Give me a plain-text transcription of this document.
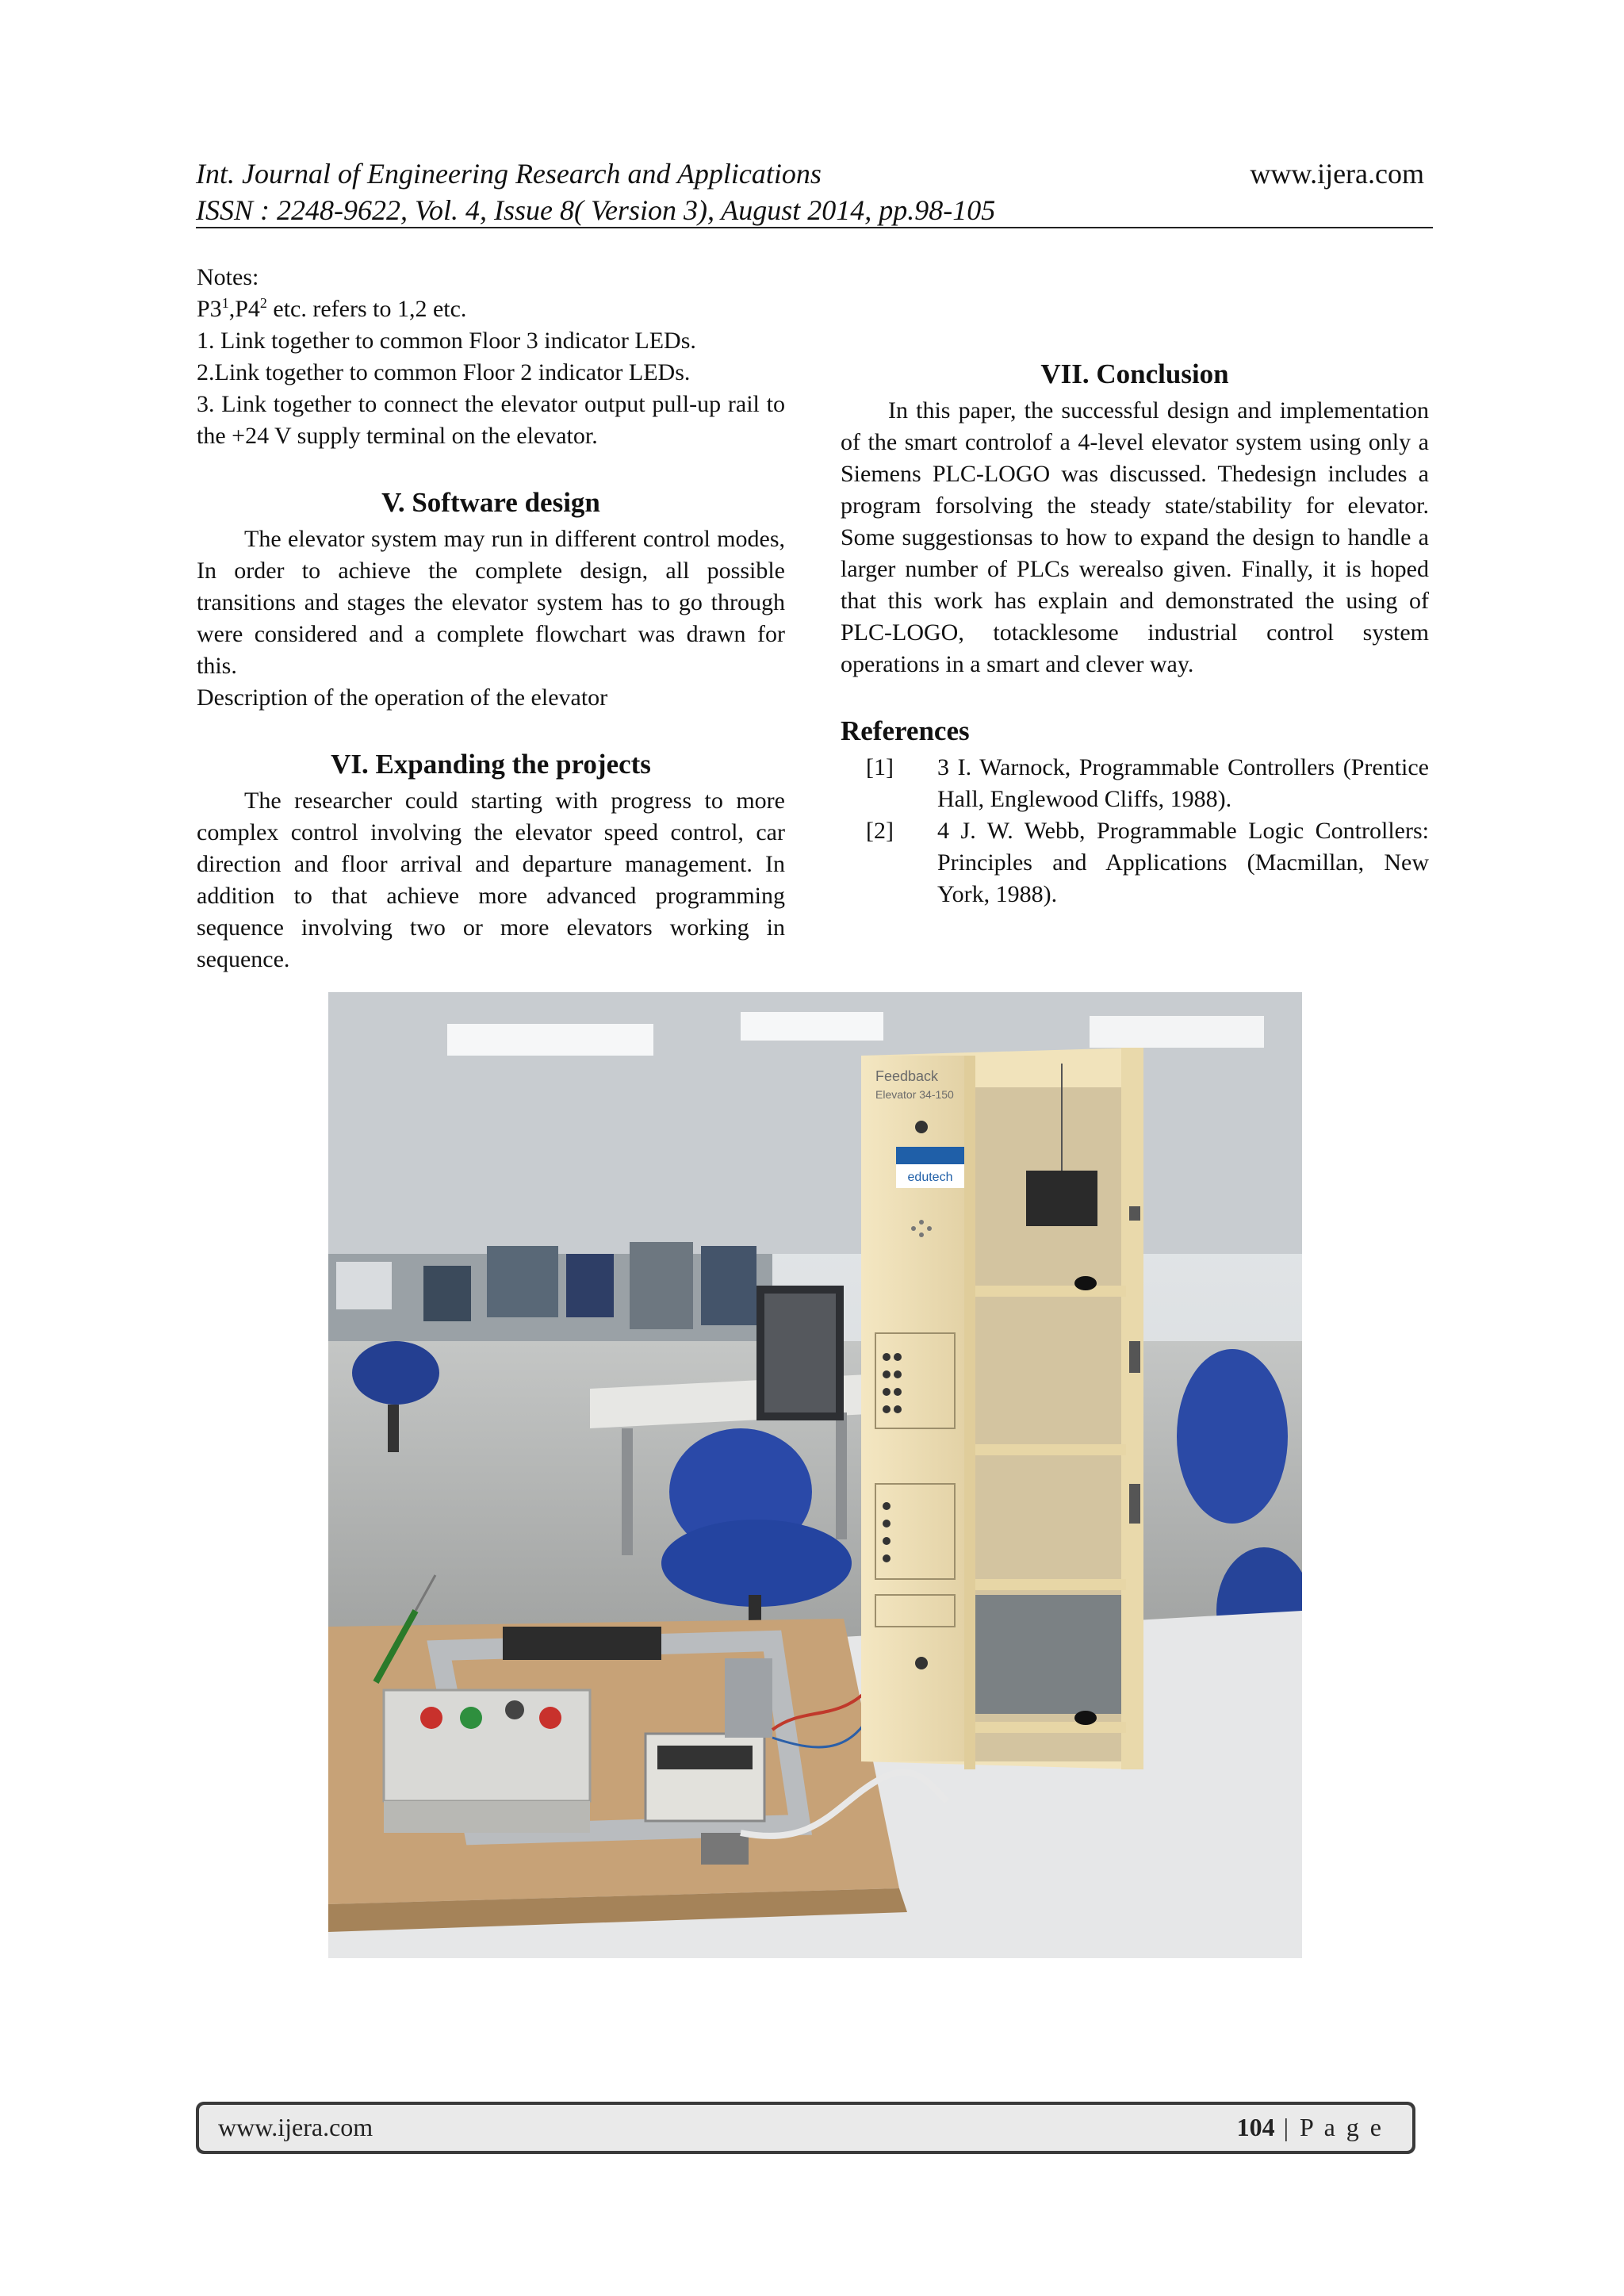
Int. Journal of Engineering Research and Applications
ISSN : 2248-9622, Vol. 4, Issue 8( Version 3), August 2014, pp.98-105
www.ijera.com

Notes:

$P3^1,P4^2$ etc. refers to 1,2 etc.

1. Link together to common Floor 3 indicator LEDs.

2.Link together to common Floor 2 indicator LEDs.

3. Link together to connect the elevator output pull-up rail to the +24 V supply terminal on the elevator.

V. Software design

The elevator system may run in different control modes, In order to achieve the complete design, all possible transitions and stages the elevator system has to go through were considered and a complete flowchart was drawn for this.

Description of the operation of the elevator

VI. Expanding the projects

The researcher could starting with progress to more complex control involving the elevator speed control, car direction and floor arrival and departure management. In addition to that achieve more advanced programming sequence involving two or more elevators working in sequence.

VII. Conclusion

In this paper, the successful design and implementation of the smart controlof a 4-level elevator system using only a Siemens PLC-LOGO was discussed. Thedesign includes a program forsolving the steady state/stability for elevator. Some suggestionsas to how to expand the design to handle a larger number of PLCs werealso given. Finally, it is hoped that this work has explain and demonstrated the using of PLC-LOGO, totacklesome industrial control system operations in a smart and clever way.

References
[1]	3 I. Warnock, Programmable Controllers (Prentice Hall, Englewood Cliffs, 1988).
[2]	4 J. W. Webb, Programmable Logic Controllers: Principles and Applications (Macmillan, New York, 1988).
edutech
Feedback
Elevator 34-150
www.ijera.com	104 | P a g e
